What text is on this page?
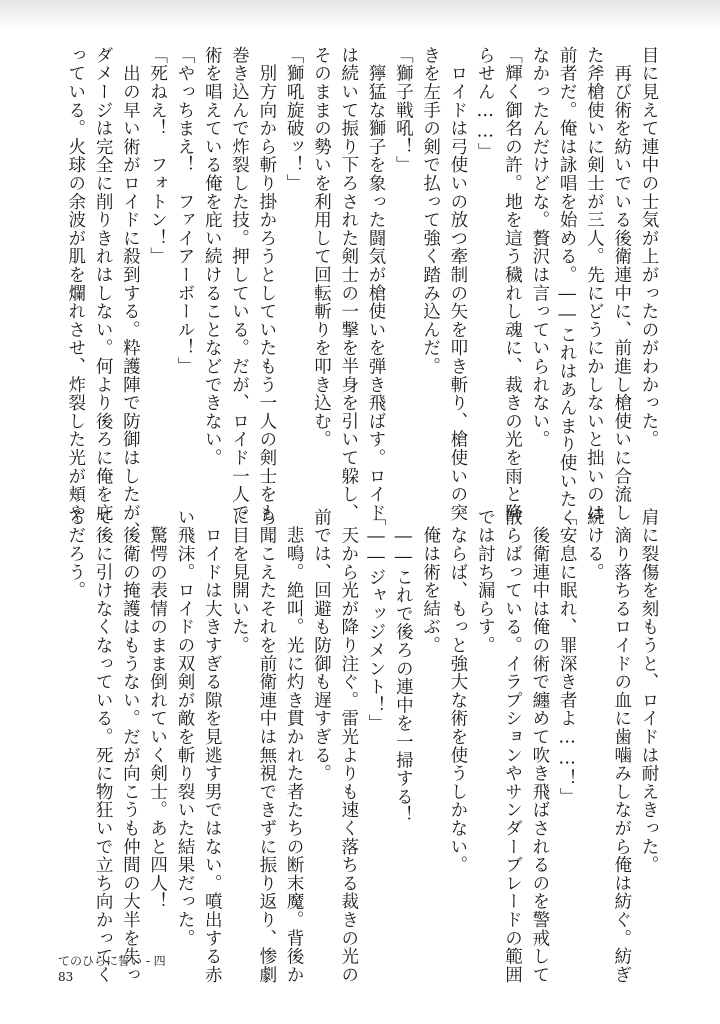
目に見えて連中の士気が上がったのがわかった。

　再び術を紡いでいる後衛連中に、前進し槍使いに合流し

た斧槍使いに剣士が三人。先にどうにかしないと拙いのは

前者だ。俺は詠唱を始める。――これはあんまり使いたく

なかったんだけどな。贅沢は言っていられない。

「輝く御名の許。地を這う穢れし魂に、裁きの光を雨と降

らせん……」

　ロイドは弓使いの放つ牽制の矢を叩き斬り、槍使いの突

きを左手の剣で払って強く踏み込んだ。

「獅子戦吼！」

　獰猛な獅子を象った闘気が槍使いを弾き飛ばす。ロイド

は続いて振り下ろされた剣士の一撃を半身を引いて躱し、

そのままの勢いを利用して回転斬りを叩き込む。

「獅吼旋破ッ！」

　別方向から斬り掛かろうとしていたもう一人の剣士をも

巻き込んで炸裂した技。押している。だが、ロイド一人で

術を唱えている俺を庇い続けることなどできない。

「やっちまえ！　ファイアーボール！」

「死ねえ！　フォトン！」

　出の早い術がロイドに殺到する。粋護陣で防御はしたが、

ダメージは完全に削りきれはしない。何より後ろに俺を庇

っている。火球の余波が肌を爛れさせ、炸裂した光が頬や

肩に裂傷を刻もうと、ロイドは耐えきった。

　滴り落ちるロイドの血に歯噛みしながら俺は紡ぐ。紡ぎ

続ける。

「安息に眠れ、罪深き者よ……！」

　後衛連中は俺の術で纏めて吹き飛ばされるのを警戒して

散らばっている。イラプションやサンダーブレードの範囲

では討ち漏らす。

　ならば、もっと強大な術を使うしかない。

　俺は術を結ぶ。

　――これで後ろの連中を一掃する！

「――ジャッジメント！」

　天から光が降り注ぐ。雷光よりも速く落ちる裁きの光の

前では、回避も防御も遅すぎる。

　悲鳴。絶叫。光に灼き貫かれた者たちの断末魔。背後か

ら聞こえたそれを前衛連中は無視できずに振り返り、惨劇

に目を見開いた。

　ロイドは大きすぎる隙を見逃す男ではない。噴出する赤

い飛沫。ロイドの双剣が敵を斬り裂いた結果だった。

　驚愕の表情のまま倒れていく剣士。あと四人！

　後衛の掩護はもうない。だが向こうも仲間の大半を失っ

て後に引けなくなっている。死に物狂いで立ち向かってく

るだろう。

てのひらに誓い - 四
83
